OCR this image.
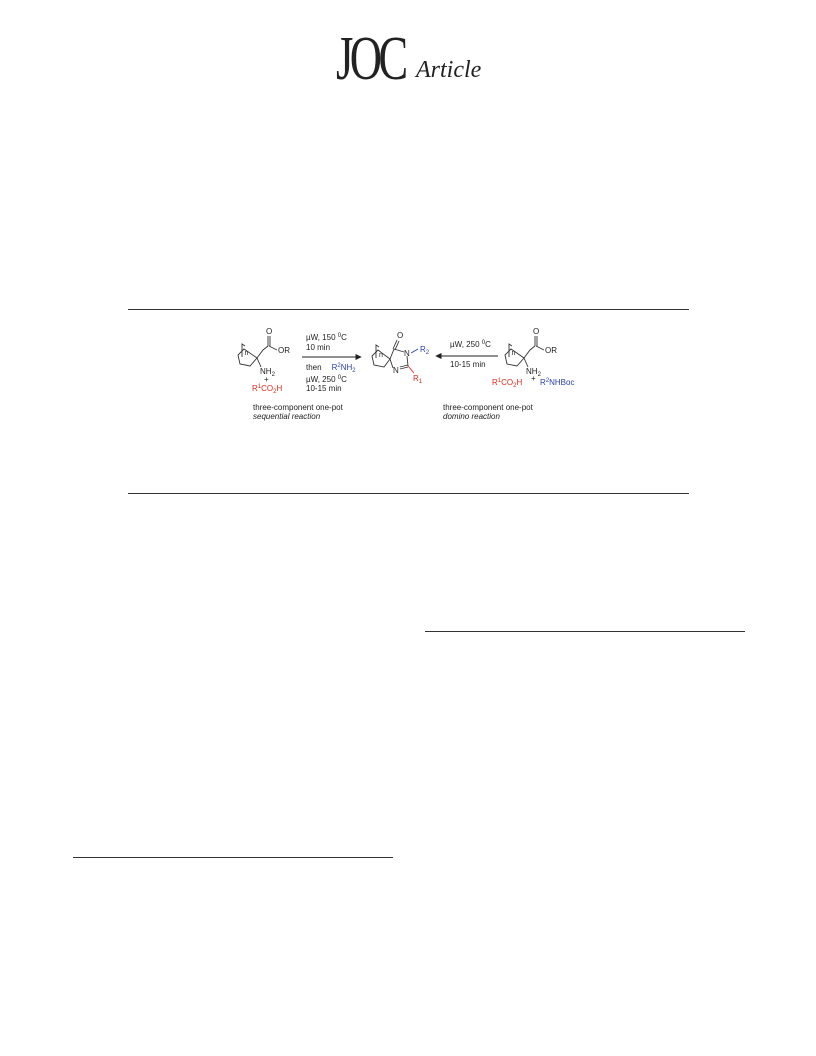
JOC Article
n
O
OR
$NH_2$
+
$R^1CO_2H$
µW, 150 $^0$C
10 min
then $R^2NH_2$
µW, 250 $^0$C
10-15 min
three-component one-pot
sequential reaction
n
O
N $R_2$
N
$R_1$
µW, 250 $^0$C
10-15 min
three-component one-pot
domino reaction
n
O
OR
$NH_2$
$R^1CO_2H$ + $R^2NHBoc$
